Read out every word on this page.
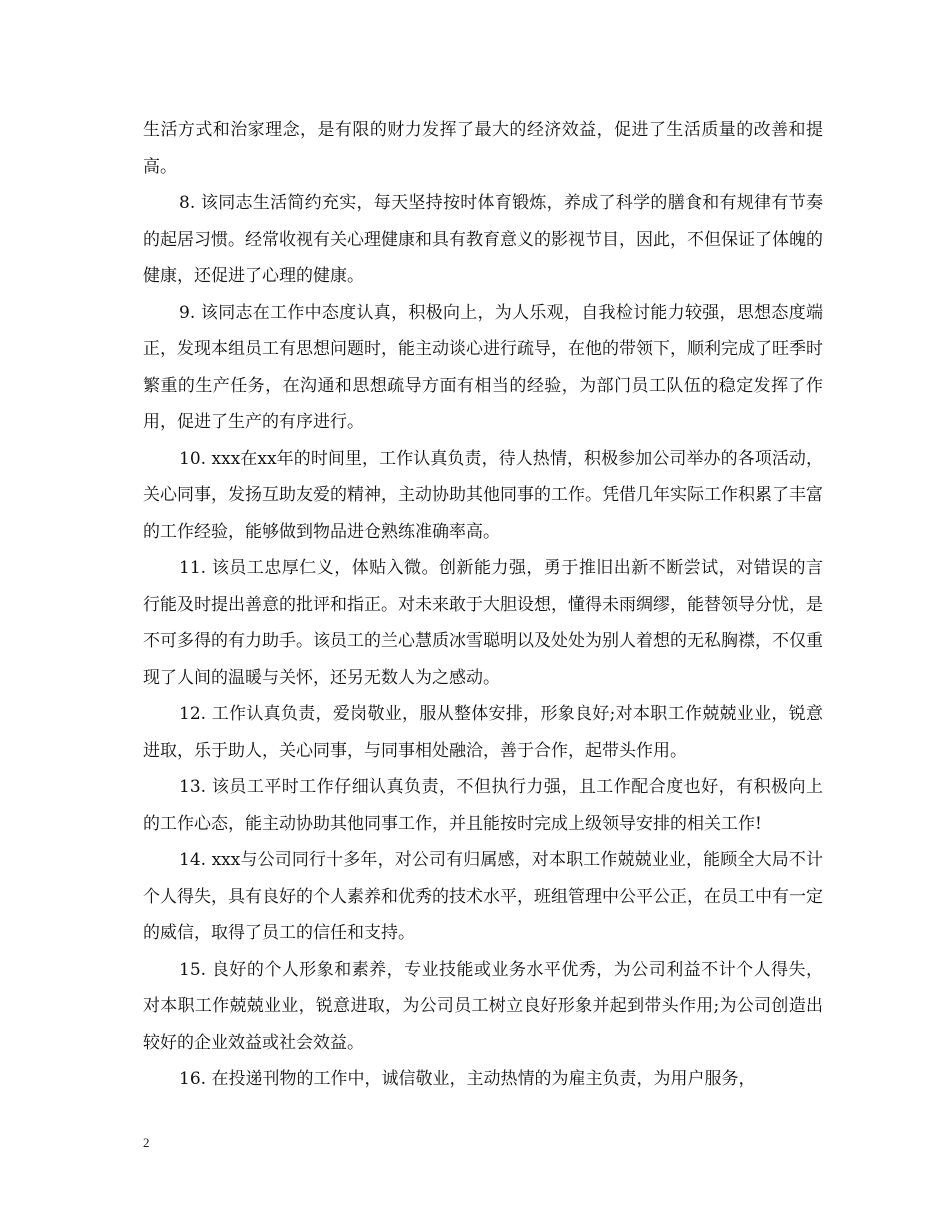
生活方式和治家理念，是有限的财力发挥了最大的经济效益，促进了生活质量的改善和提高。

8. 该同志生活简约充实，每天坚持按时体育锻炼，养成了科学的膳食和有规律有节奏的起居习惯。经常收视有关心理健康和具有教育意义的影视节目，因此，不但保证了体魄的健康，还促进了心理的健康。

9. 该同志在工作中态度认真，积极向上，为人乐观，自我检讨能力较强，思想态度端正，发现本组员工有思想问题时，能主动谈心进行疏导，在他的带领下，顺利完成了旺季时繁重的生产任务，在沟通和思想疏导方面有相当的经验，为部门员工队伍的稳定发挥了作用，促进了生产的有序进行。

10. xxx在xx年的时间里，工作认真负责，待人热情，积极参加公司举办的各项活动，关心同事，发扬互助友爱的精神，主动协助其他同事的工作。凭借几年实际工作积累了丰富的工作经验，能够做到物品进仓熟练准确率高。

11. 该员工忠厚仁义，体贴入微。创新能力强，勇于推旧出新不断尝试，对错误的言行能及时提出善意的批评和指正。对未来敢于大胆设想，懂得未雨绸缪，能替领导分忧，是不可多得的有力助手。该员工的兰心慧质冰雪聪明以及处处为别人着想的无私胸襟，不仅重现了人间的温暖与关怀，还另无数人为之感动。

12. 工作认真负责，爱岗敬业，服从整体安排，形象良好;对本职工作兢兢业业，锐意进取，乐于助人，关心同事，与同事相处融洽，善于合作，起带头作用。

13. 该员工平时工作仔细认真负责，不但执行力强，且工作配合度也好，有积极向上的工作心态，能主动协助其他同事工作，并且能按时完成上级领导安排的相关工作!

14. xxx与公司同行十多年，对公司有归属感，对本职工作兢兢业业，能顾全大局不计个人得失，具有良好的个人素养和优秀的技术水平，班组管理中公平公正，在员工中有一定的威信，取得了员工的信任和支持。

15. 良好的个人形象和素养，专业技能或业务水平优秀，为公司利益不计个人得失，对本职工作兢兢业业，锐意进取，为公司员工树立良好形象并起到带头作用;为公司创造出较好的企业效益或社会效益。

16. 在投递刊物的工作中，诚信敬业，主动热情的为雇主负责，为用户服务，

2
